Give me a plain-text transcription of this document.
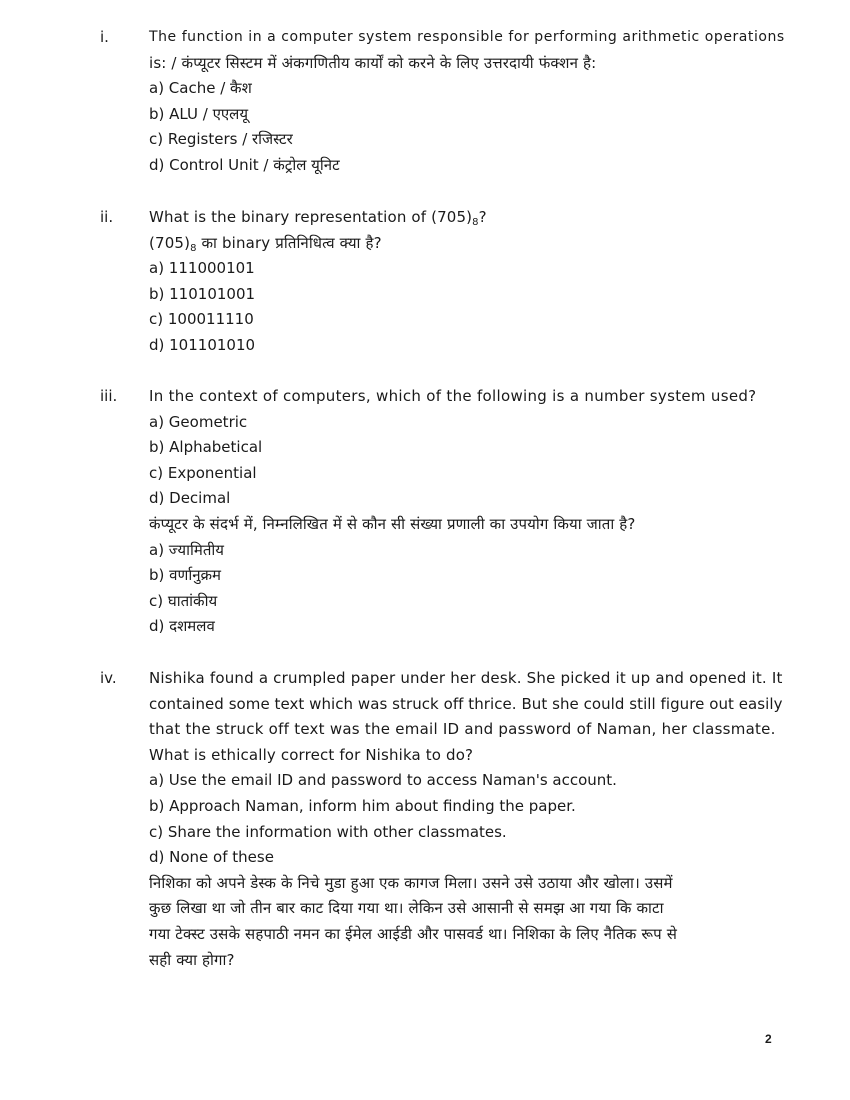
i.	The function in a computer system responsible for performing arithmetic operations
is: / कंप्यूटर सिस्टम में अंकगणितीय कार्यों को करने के लिए उत्तरदायी फंक्शन है:
a) Cache / कैश
b) ALU / एएलयू
c) Registers / रजिस्टर
d) Control Unit / कंट्रोल यूनिट
ii. What is the binary representation of $(705)_8$?
$(705)_8$ का binary प्रतिनिधित्व क्या है?
a) 111000101
b) 110101001
c) 100011110
d) 101101010
iii. In the context of computers, which of the following is a number system used?
a) Geometric
b) Alphabetical
c) Exponential
d) Decimal
कंप्यूटर के संदर्भ में, निम्नलिखित में से कौन सी संख्या प्रणाली का उपयोग किया जाता है?
a) ज्यामितीय
b) वर्णानुक्रम
c) घातांकीय
d) दशमलव
iv. Nishika found a crumpled paper under her desk. She picked it up and opened it. It
contained some text which was struck off thrice. But she could still figure out easily
that the struck off text was the email ID and password of Naman, her classmate.
What is ethically correct for Nishika to do?
a) Use the email ID and password to access Naman's account.
b) Approach Naman, inform him about finding the paper.
c) Share the information with other classmates.
d) None of these
निशिका को अपने डेस्क के निचे मुडा हुआ एक कागज मिला। उसने उसे उठाया और खोला। उसमें
कुछ लिखा था जो तीन बार काट दिया गया था। लेकिन उसे आसानी से समझ आ गया कि काटा
गया टेक्स्ट उसके सहपाठी नमन का ईमेल आईडी और पासवर्ड था। निशिका के लिए नैतिक रूप से
सही क्या होगा?
2
